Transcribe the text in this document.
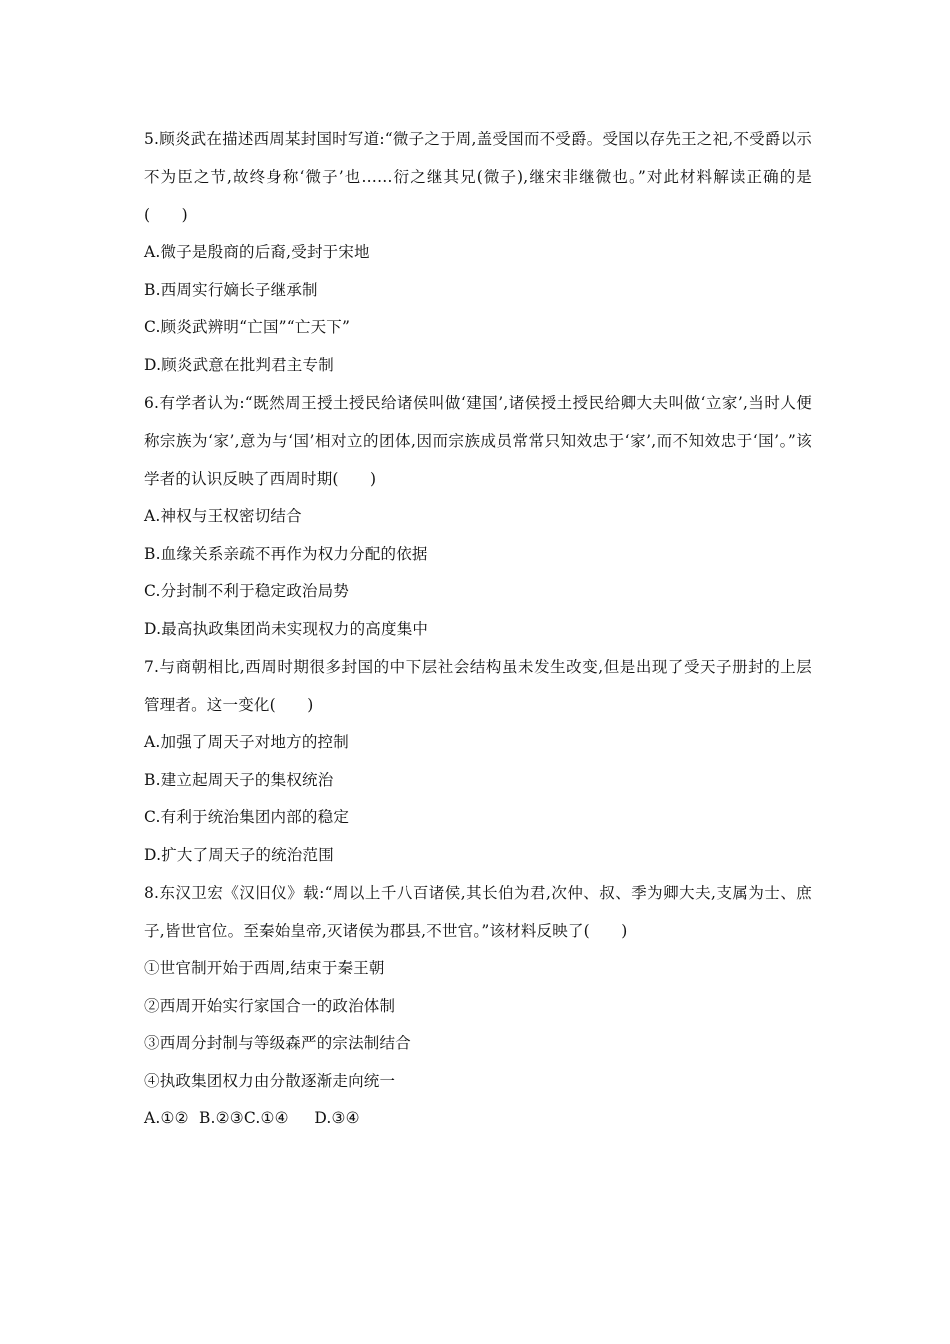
5.顾炎武在描述西周某封国时写道:“微子之于周,盖受国而不受爵。受国以存先王之祀,不受爵以示不为臣之节,故终身称‘微子’也……衍之继其兄(微子),继宋非继微也。”对此材料解读正确的是(　　)
A.微子是殷商的后裔,受封于宋地
B.西周实行嫡长子继承制
C.顾炎武辨明“亡国”“亡天下”
D.顾炎武意在批判君主专制
6.有学者认为:“既然周王授土授民给诸侯叫做‘建国’,诸侯授土授民给卿大夫叫做‘立家’,当时人便称宗族为‘家’,意为与‘国’相对立的团体,因而宗族成员常常只知效忠于‘家’,而不知效忠于‘国’。”该学者的认识反映了西周时期(　　)
A.神权与王权密切结合
B.血缘关系亲疏不再作为权力分配的依据
C.分封制不利于稳定政治局势
D.最高执政集团尚未实现权力的高度集中
7.与商朝相比,西周时期很多封国的中下层社会结构虽未发生改变,但是出现了受天子册封的上层管理者。这一变化(　　)
A.加强了周天子对地方的控制
B.建立起周天子的集权统治
C.有利于统治集团内部的稳定
D.扩大了周天子的统治范围
8.东汉卫宏《汉旧仪》载:“周以上千八百诸侯,其长伯为君,次仲、叔、季为卿大夫,支属为士、庶子,皆世官位。至秦始皇帝,灭诸侯为郡县,不世官。”该材料反映了(　　)
①世官制开始于西周,结束于秦王朝
②西周开始实行家国合一的政治体制
③西周分封制与等级森严的宗法制结合
④执政集团权力由分散逐渐走向统一
A.①②  B.②③C.①④     D.③④
